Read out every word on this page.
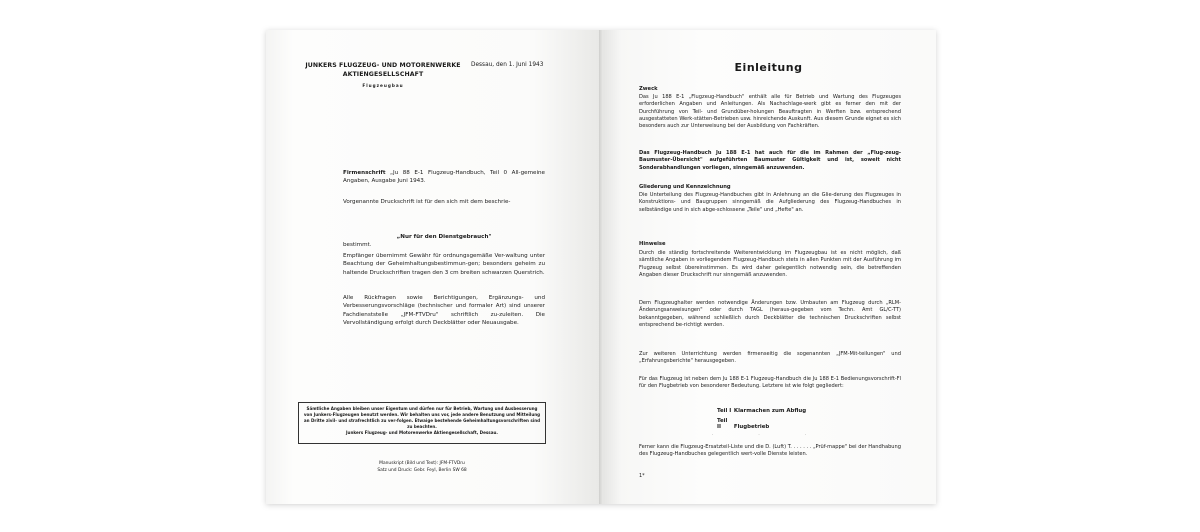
JUNKERS FLUGZEUG- UND MOTORENWERKE
AKTIENGESELLSCHAFT
Flugzeugbau
Dessau, den 1. Juni 1943
Firmenschrift „Ju 88 E-1 Flugzeug-Handbuch, Teil 0 All-gemeine Angaben, Ausgabe Juni 1943.
Vorgenannte Druckschrift ist für den sich mit dem beschrie-
„Nur für den Dienstgebrauch"
bestimmt.
Empfänger übernimmt Gewähr für ordnungsgemäße Ver-waltung unter Beachtung der Geheimhaltungsbestimmun-gen; besonders geheim zu haltende Druckschriften tragen den 3 cm breiten schwarzen Querstrich.
Alle Rückfragen sowie Berichtigungen, Ergänzungs- und Verbesserungsvorschläge (technischer und formaler Art) sind unserer Fachdienststelle „JFM-FTVDru" schriftlich zu-zuleiten. Die Vervollständigung erfolgt durch Deckblätter oder Neuausgabe.
Sämtliche Angaben bleiben unser Eigentum und dürfen nur für Betrieb, Wartung und Ausbesserung von Junkers-Flugzeugen benutzt werden. Wir behalten uns vor, jede andere Benutzung und Mitteilung an Dritte zivil- und strafrechtlich zu ver-folgen. Etwaige bestehende Geheimhaltungsvorschriften sind zu beachten.
Junkers Flugzeug- und Motorenwerke Aktiengesellschaft, Dessau.
Manuskript (Bild und Text): JFM-FTVDru
Satz und Druck: Gebr. Feyl, Berlin SW 68
Einleitung
Zweck
Das Ju 188 E-1 „Flugzeug-Handbuch" enthält alle für Betrieb und Wartung des Flugzeuges erforderlichen Angaben und Anleitungen. Als Nachschlage-werk gibt es ferner den mit der Durchführung von Teil- und Grundüber-holungen Beauftragten in Werften bzw. entsprechend ausgestatteten Werk-stätten-Betrieben usw. hinreichende Auskunft. Aus diesem Grunde eignet es sich besonders auch zur Unterweisung bei der Ausbildung von Fachkräften.
Das Flugzeug-Handbuch Ju 188 E-1 hat auch für die im Rahmen der „Flug-zeug-Baumuster-Übersicht" aufgeführten Baumuster Gültigkeit und ist, soweit nicht Sonderabhandlungen vorliegen, sinngemäß anzuwenden.
Gliederung und Kennzeichnung
Die Unterteilung des Flugzeug-Handbuches gibt in Anlehnung an die Glie-derung des Flugzeuges in Konstruktions- und Baugruppen sinngemäß die Aufgliederung des Flugzeug-Handbuches in selbständige und in sich abge-schlossene „Teile" und „Hefte" an.
Hinweise
Durch die ständig fortschreitende Weiterentwicklung im Flugzeugbau ist es nicht möglich, daß sämtliche Angaben in vorliegendem Flugzeug-Handbuch stets in allen Punkten mit der Ausführung im Flugzeug selbst übereinstimmen. Es wird daher gelegentlich notwendig sein, die betreffenden Angaben dieser Druckschrift nur sinngemäß anzuwenden.
Dem Flugzeughalter werden notwendige Änderungen bzw. Umbauten am Flugzeug durch „RLM-Änderungsanweisungen" oder durch TAGL (heraus-gegeben vom Techn. Amt GL/C-TT) bekanntgegeben, während schließlich durch Deckblätter die technischen Druckschriften selbst entsprechend be-richtigt werden.
Zur weiteren Unterrichtung werden firmenseitig die sogenannten „JFM-Mit-teilungen" und „Erfahrungsberichte" herausgegeben.
Für das Flugzeug ist neben dem Ju 188 E-1 Flugzeug-Handbuch die Ju 188 E-1 Bedienungsvorschrift-Fl für den Flugbetrieb von besonderer Bedeutung. Letztere ist wie folgt gegliedert:
Teil I Klarmachen zum Abflug
Teil II Flugbetrieb
· · ·
Ferner kann die Flugzeug-Ersatzteil-Liste und die D. (Luft) T. . . . . . . „Prüf-mappe" bei der Handhabung des Flugzeug-Handbuches gelegentlich wert-volle Dienste leisten.
1*
